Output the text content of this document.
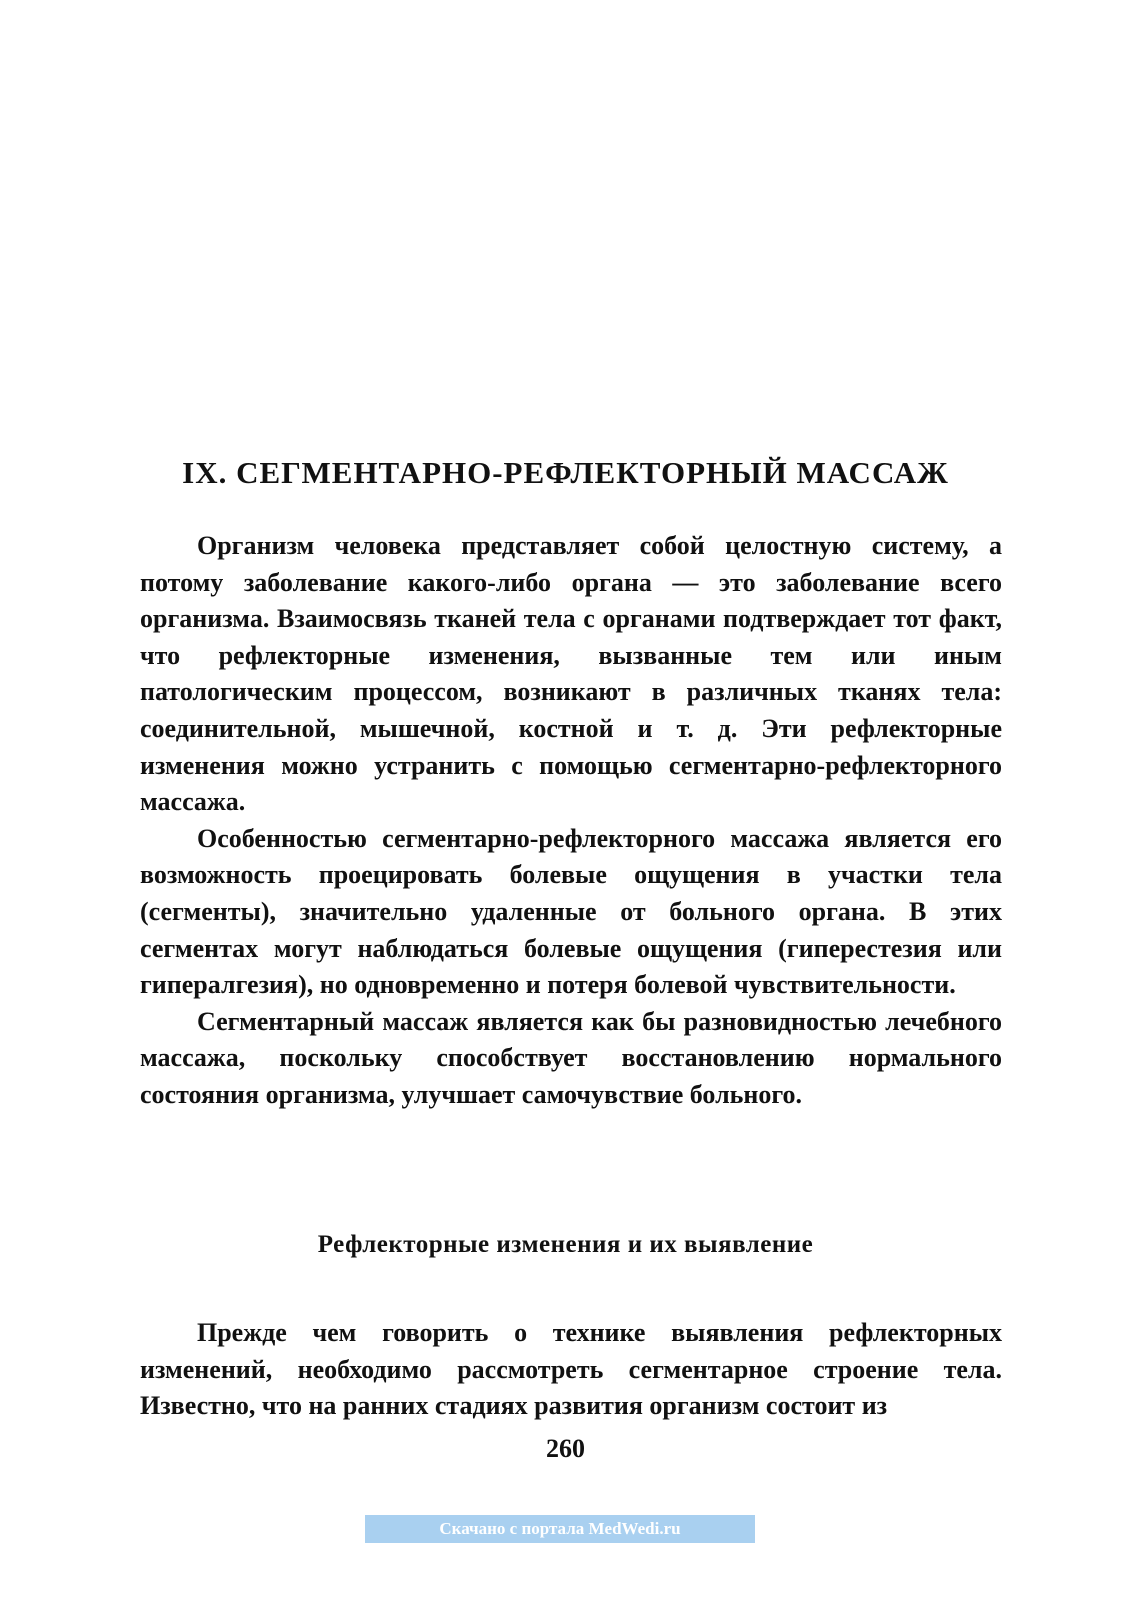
IX. СЕГМЕНТАРНО-РЕФЛЕКТОРНЫЙ МАССАЖ

Организм человека представляет собой целостную систему, а потому заболевание какого-либо органа — это заболевание всего организма. Взаимосвязь тканей тела с органами подтверждает тот факт, что рефлекторные изменения, вызванные тем или иным патологическим процессом, возникают в различных тканях тела: соединительной, мышечной, костной и т. д. Эти рефлекторные изменения можно устранить с помощью сегментарно-рефлекторного массажа.

Особенностью сегментарно-рефлекторного массажа является его возможность проецировать болевые ощущения в участки тела (сегменты), значительно удаленные от больного органа. В этих сегментах могут наблюдаться болевые ощущения (гиперестезия или гипералгезия), но одновременно и потеря болевой чувствительности.

Сегментарный массаж является как бы разновидностью лечебного массажа, поскольку способствует восстановлению нормального состояния организма, улучшает самочувствие больного.

Рефлекторные изменения и их выявление

Прежде чем говорить о технике выявления рефлекторных изменений, необходимо рассмотреть сегментарное строение тела. Известно, что на ранних стадиях развития организм состоит из

260
Скачано с портала MedWedi.ru
